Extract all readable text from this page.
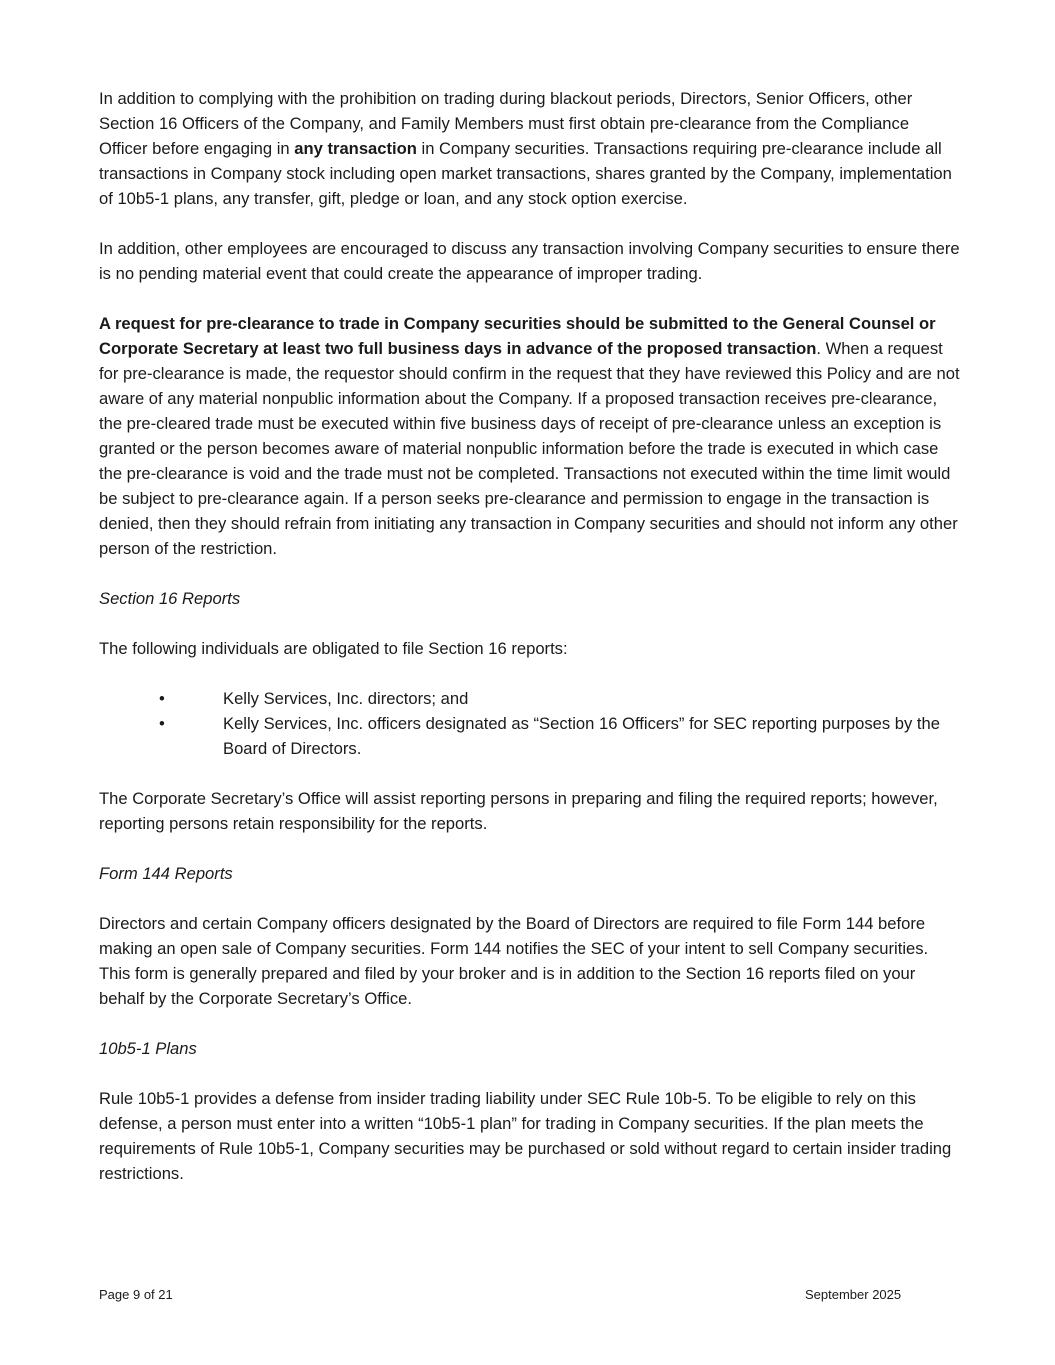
In addition to complying with the prohibition on trading during blackout periods, Directors, Senior Officers, other Section 16 Officers of the Company, and Family Members must first obtain pre-clearance from the Compliance Officer before engaging in any transaction in Company securities. Transactions requiring pre-clearance include all transactions in Company stock including open market transactions, shares granted by the Company, implementation of 10b5-1 plans, any transfer, gift, pledge or loan, and any stock option exercise.

In addition, other employees are encouraged to discuss any transaction involving Company securities to ensure there is no pending material event that could create the appearance of improper trading.

A request for pre-clearance to trade in Company securities should be submitted to the General Counsel or Corporate Secretary at least two full business days in advance of the proposed transaction. When a request for pre-clearance is made, the requestor should confirm in the request that they have reviewed this Policy and are not aware of any material nonpublic information about the Company. If a proposed transaction receives pre-clearance, the pre-cleared trade must be executed within five business days of receipt of pre-clearance unless an exception is granted or the person becomes aware of material nonpublic information before the trade is executed in which case the pre-clearance is void and the trade must not be completed. Transactions not executed within the time limit would be subject to pre-clearance again. If a person seeks pre-clearance and permission to engage in the transaction is denied, then they should refrain from initiating any transaction in Company securities and should not inform any other person of the restriction.

Section 16 Reports

The following individuals are obligated to file Section 16 reports:

•	Kelly Services, Inc. directors; and
•	Kelly Services, Inc. officers designated as “Section 16 Officers” for SEC reporting purposes by the Board of Directors.

The Corporate Secretary’s Office will assist reporting persons in preparing and filing the required reports; however, reporting persons retain responsibility for the reports.

Form 144 Reports

Directors and certain Company officers designated by the Board of Directors are required to file Form 144 before making an open sale of Company securities. Form 144 notifies the SEC of your intent to sell Company securities. This form is generally prepared and filed by your broker and is in addition to the Section 16 reports filed on your behalf by the Corporate Secretary’s Office.

10b5-1 Plans

Rule 10b5-1 provides a defense from insider trading liability under SEC Rule 10b-5. To be eligible to rely on this defense, a person must enter into a written “10b5-1 plan” for trading in Company securities. If the plan meets the requirements of Rule 10b5-1, Company securities may be purchased or sold without regard to certain insider trading restrictions.

Page 9 of 21	September 2025
